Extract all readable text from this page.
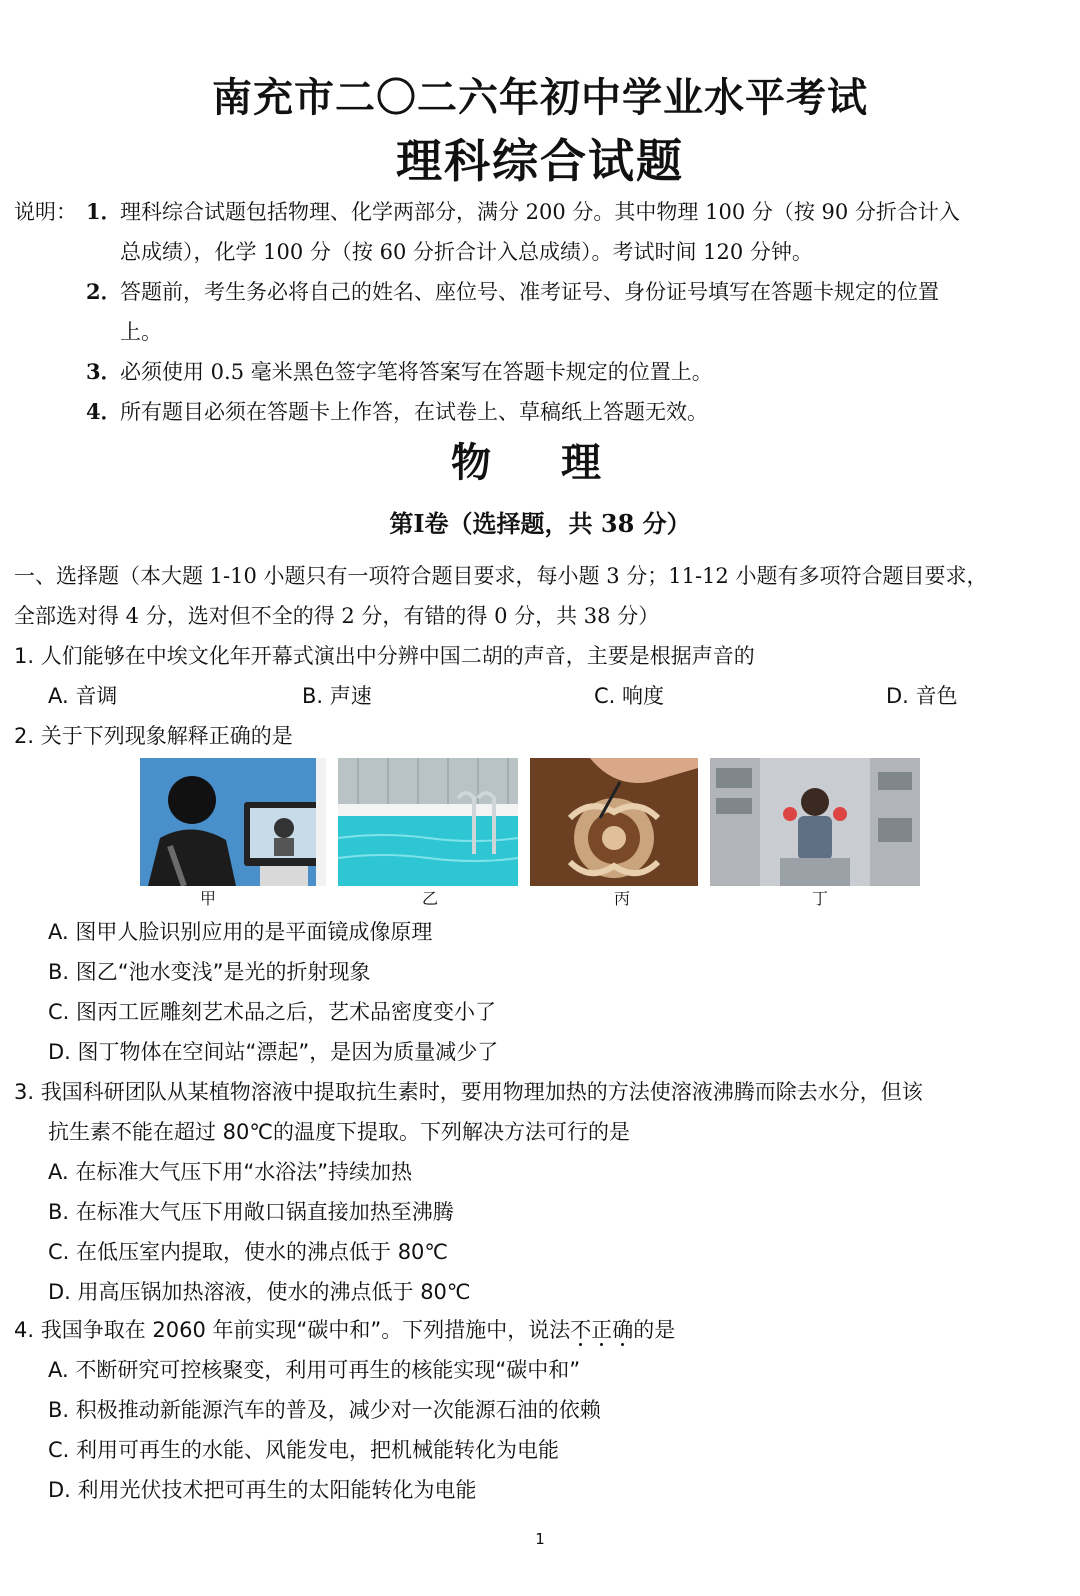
南充市二〇二六年初中学业水平考试
理科综合试题
说明： 1．理科综合试题包括物理、化学两部分，满分 200 分。其中物理 100 分（按 90 分折合计入
总成绩），化学 100 分（按 60 分折合计入总成绩）。考试时间 120 分钟。
2．答题前，考生务必将自己的姓名、座位号、准考证号、身份证号填写在答题卡规定的位置
上。
3．必须使用 0.5 毫米黑色签字笔将答案写在答题卡规定的位置上。
4．所有题目必须在答题卡上作答，在试卷上、草稿纸上答题无效。
物 理
第Ⅰ卷（选择题，共 38 分）
一、选择题（本大题 1-10 小题只有一项符合题目要求，每小题 3 分；11-12 小题有多项符合题目要求，
全部选对得 4 分，选对但不全的得 2 分，有错的得 0 分，共 38 分）
1. 人们能够在中埃文化年开幕式演出中分辨中国二胡的声音，主要是根据声音的
A. 音调	B. 声速	C. 响度	D. 音色
2. 关于下列现象解释正确的是
甲	乙	丙	丁
A. 图甲人脸识别应用的是平面镜成像原理
B. 图乙“池水变浅”是光的折射现象
C. 图丙工匠雕刻艺术品之后，艺术品密度变小了
D. 图丁物体在空间站“漂起”，是因为质量减少了
3. 我国科研团队从某植物溶液中提取抗生素时，要用物理加热的方法使溶液沸腾而除去水分，但该
抗生素不能在超过 80℃的温度下提取。下列解决方法可行的是
A. 在标准大气压下用“水浴法”持续加热
B. 在标准大气压下用敞口锅直接加热至沸腾
C. 在低压室内提取，使水的沸点低于 80℃
D. 用高压锅加热溶液，使水的沸点低于 80℃
4. 我国争取在 2060 年前实现“碳中和”。下列措施中，说法不正确的是
A. 不断研究可控核聚变，利用可再生的核能实现“碳中和”
B. 积极推动新能源汽车的普及，减少对一次能源石油的依赖
C. 利用可再生的水能、风能发电，把机械能转化为电能
D. 利用光伏技术把可再生的太阳能转化为电能
1
